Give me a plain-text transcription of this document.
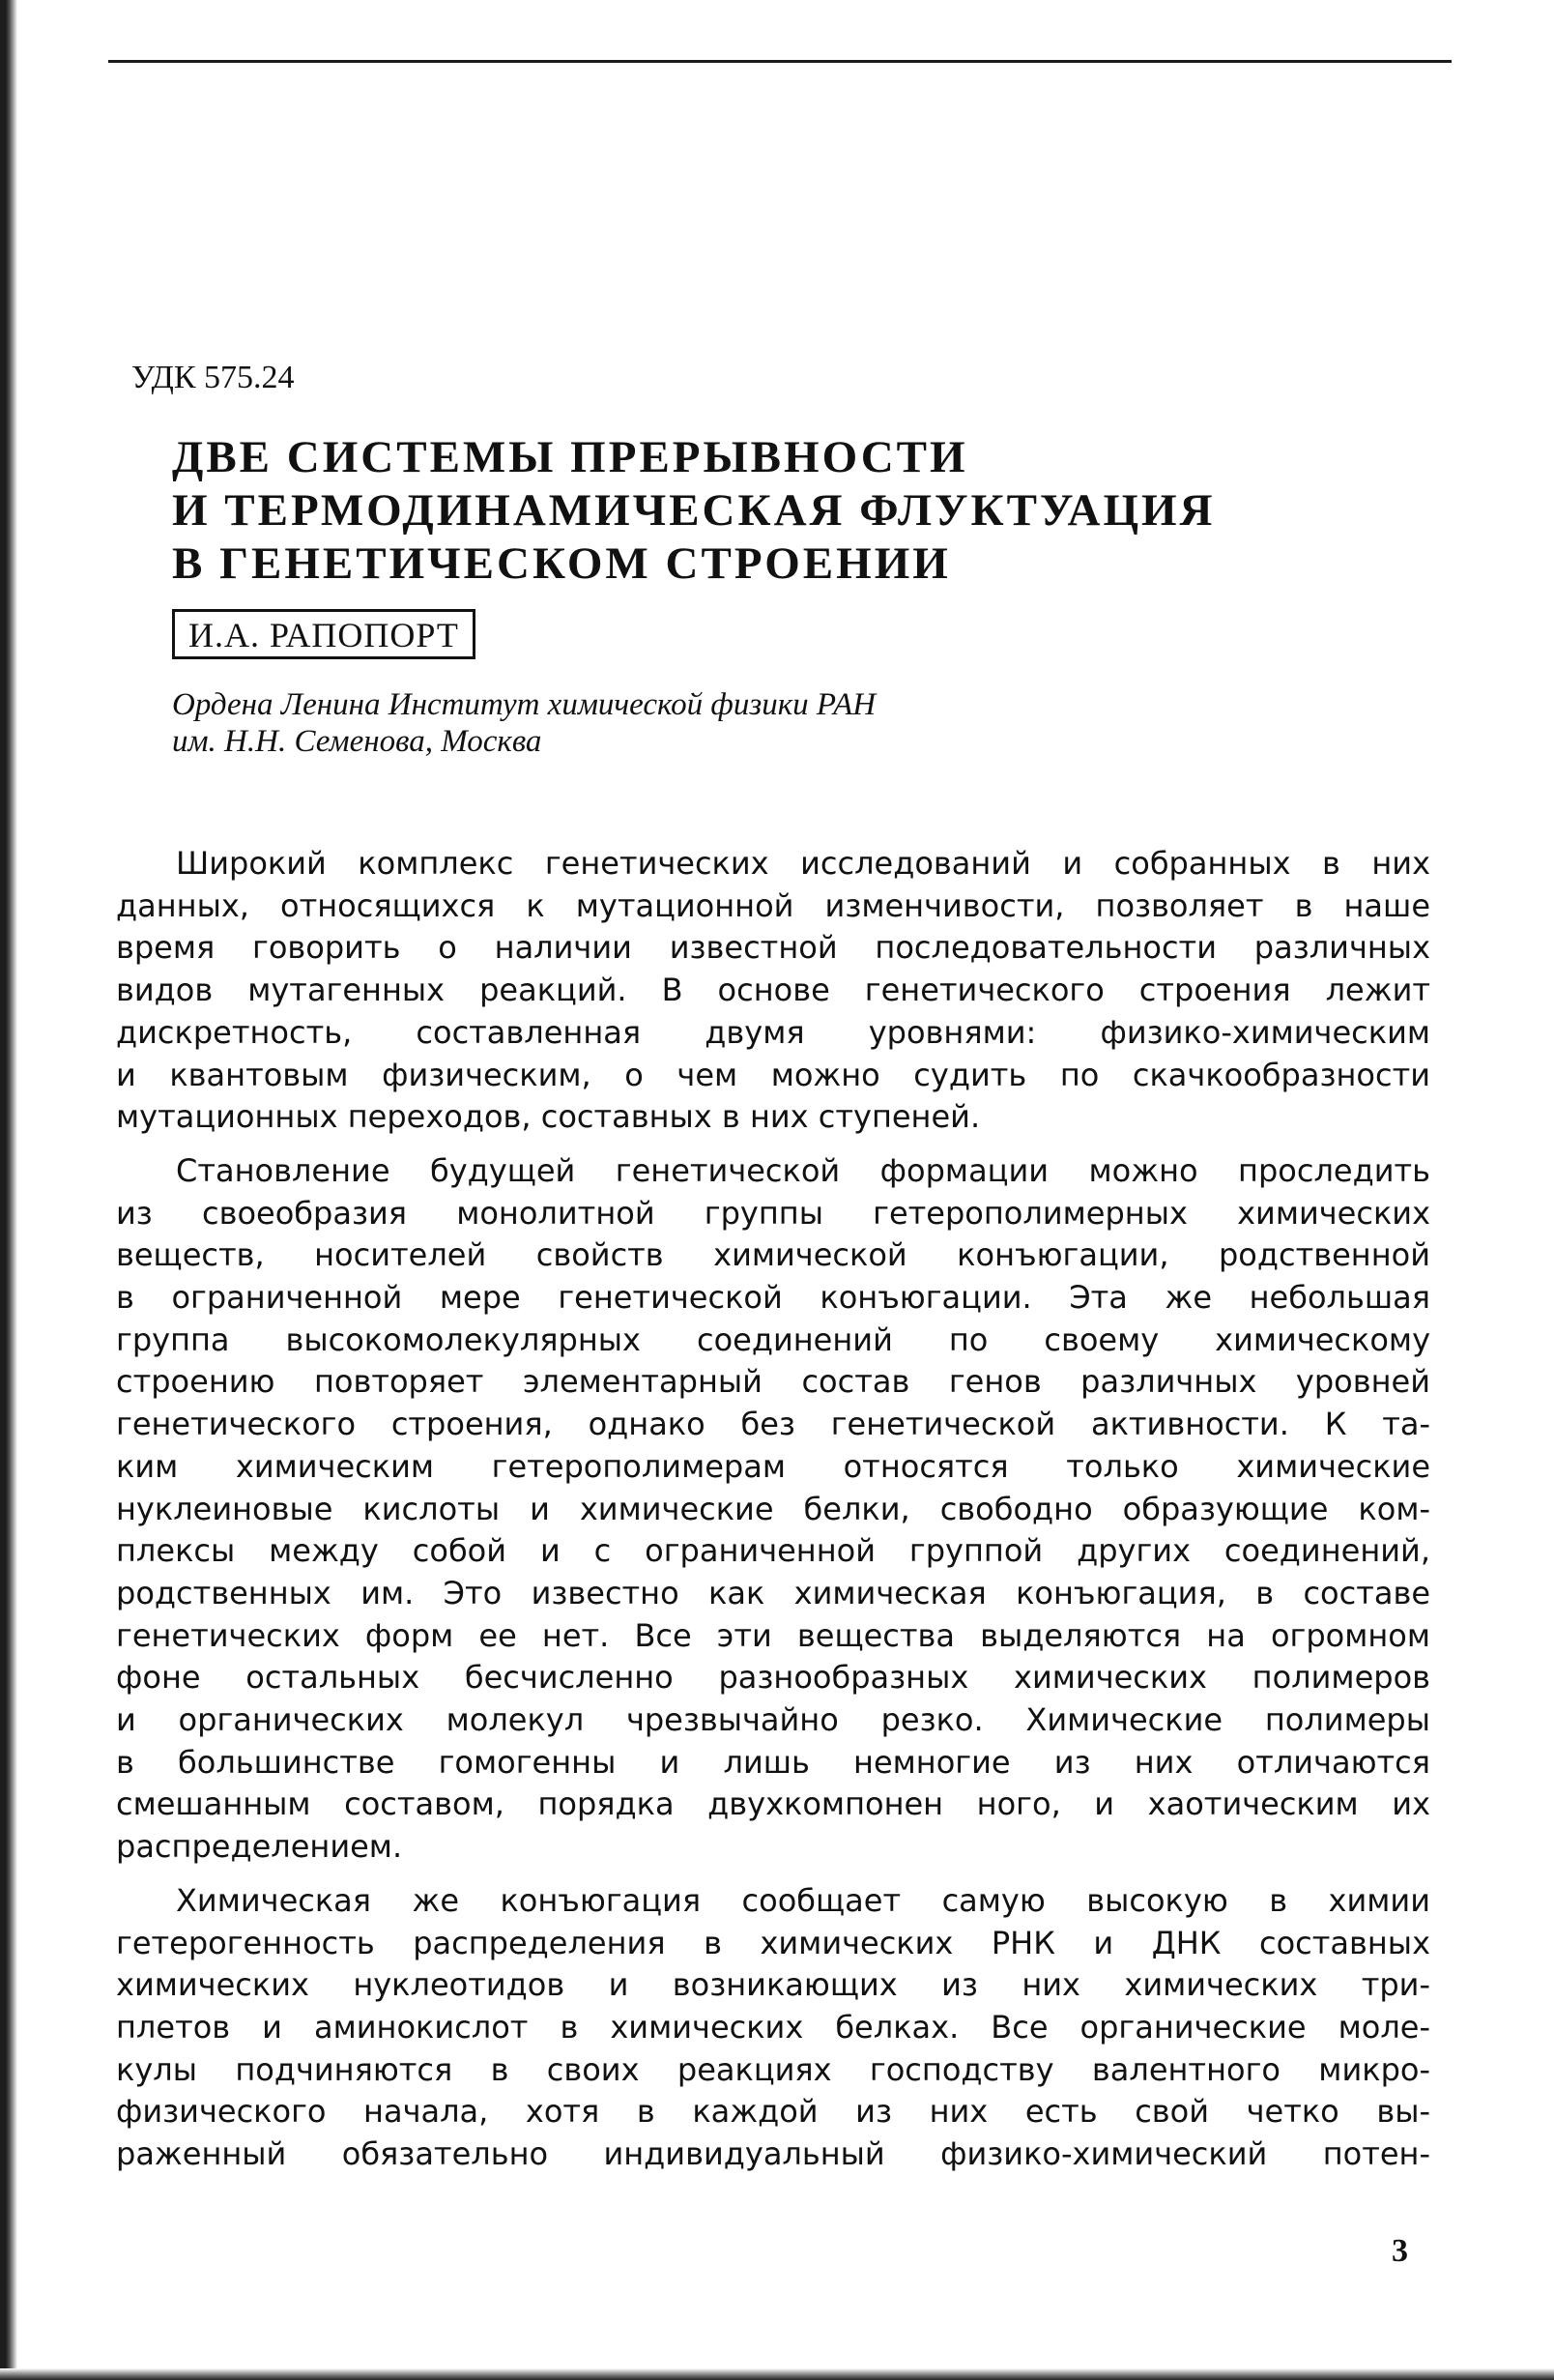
УДК 575.24
ДВЕ СИСТЕМЫ ПРЕРЫВНОСТИ
И ТЕРМОДИНАМИЧЕСКАЯ ФЛУКТУАЦИЯ
В ГЕНЕТИЧЕСКОМ СТРОЕНИИ
И.А. РАПОПОРТ

Ордена Ленина Институт химической физики РАН
им. Н.Н. Семенова, Москва

Широкий комплекс генетических исследований и собранных в них
данных, относящихся к мутационной изменчивости, позволяет в наше
время говорить о наличии известной последовательности различных
видов мутагенных реакций. В основе генетического строения лежит
дискретность, составленная двумя уровнями: физико-химическим
и квантовым физическим, о чем можно судить по скачкообразности
мутационных переходов, составных в них ступеней.

Становление будущей генетической формации можно проследить
из своеобразия монолитной группы гетерополимерных химических
веществ, носителей свойств химической конъюгации, родственной
в ограниченной мере генетической конъюгации. Эта же небольшая
группа высокомолекулярных соединений по своему химическому
строению повторяет элементарный состав генов различных уровней
генетического строения, однако без генетической активности. К та-
ким химическим гетерополимерам относятся только химические
нуклеиновые кислоты и химические белки, свободно образующие ком-
плексы между собой и с ограниченной группой других соединений,
родственных им. Это известно как химическая конъюгация, в составе
генетических форм ее нет. Все эти вещества выделяются на огромном
фоне остальных бесчисленно разнообразных химических полимеров
и органических молекул чрезвычайно резко. Химические полимеры
в большинстве гомогенны и лишь немногие из них отличаются
смешанным составом, порядка двухкомпонен ного, и хаотическим их
распределением.

Химическая же конъюгация сообщает самую высокую в химии
гетерогенность распределения в химических РНК и ДНК составных
химических нуклеотидов и возникающих из них химических три-
плетов и аминокислот в химических белках. Все органические моле-
кулы подчиняются в своих реакциях господству валентного микро-
физического начала, хотя в каждой из них есть свой четко вы-
раженный обязательно индивидуальный физико-химический потен-

3
